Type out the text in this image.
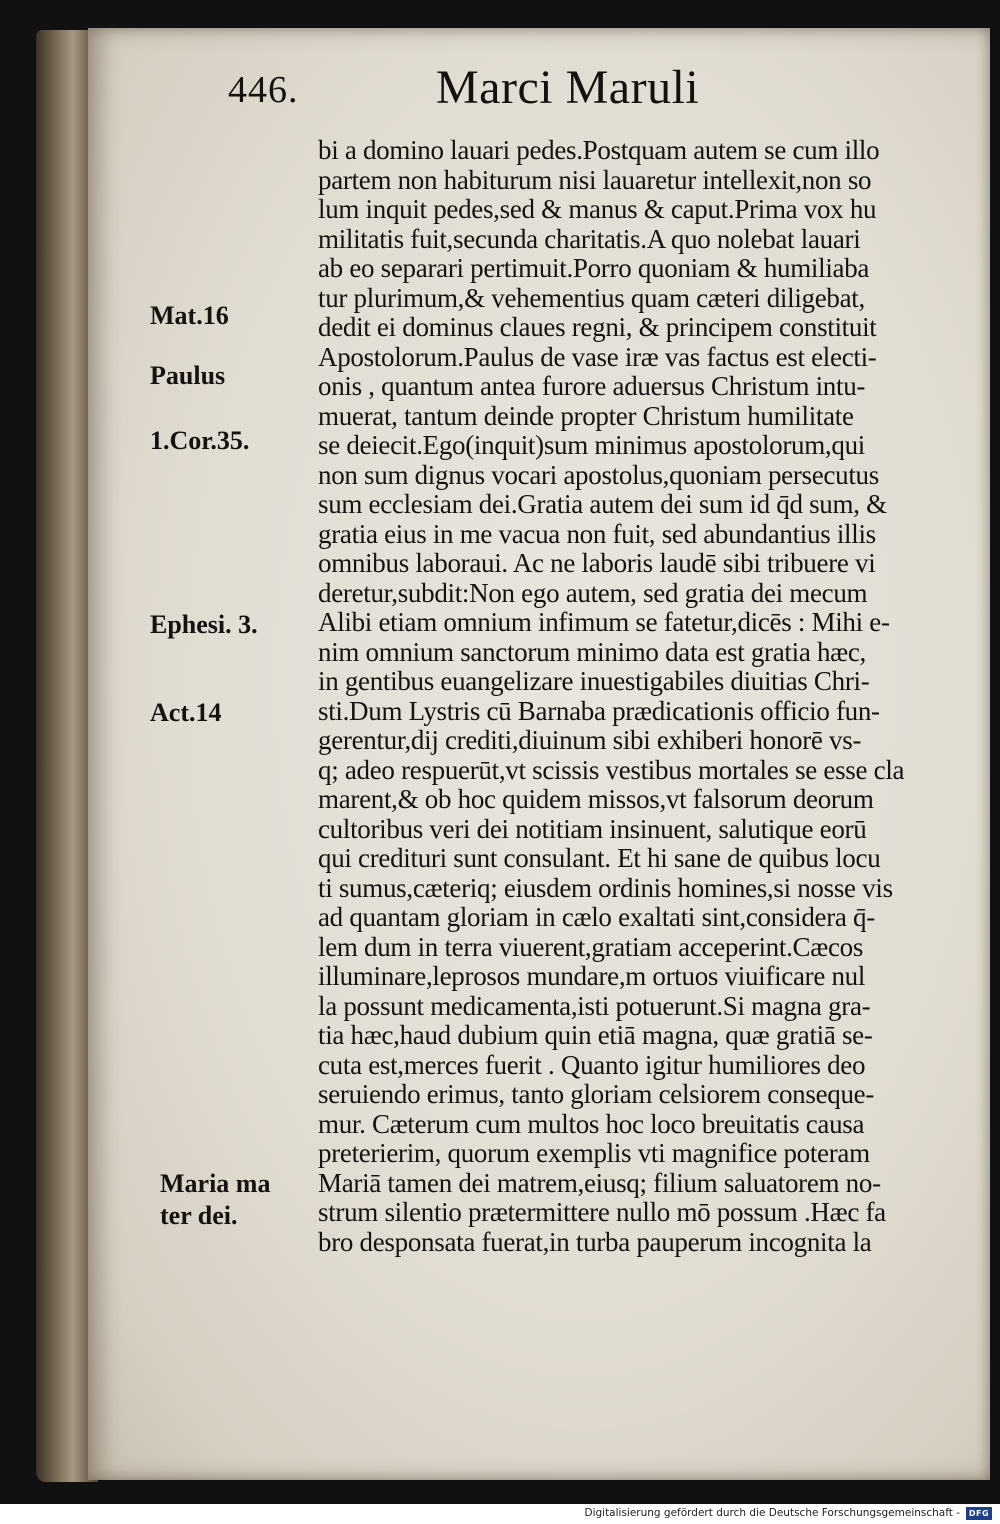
446.	Marci Maruli
Mat.16
Paulus
1.Cor.35.
Ephesi. 3.
Act.14
Maria ma
ter dei.
bi a domino lauari pedes.Postquam autem se cum illo
partem non habiturum nisi lauaretur intellexit,non so
lum inquit pedes,sed & manus & caput.Prima vox hu
militatis fuit,secunda charitatis.A quo nolebat lauari
ab eo separari pertimuit.Porro quoniam & humiliaba
tur plurimum,& vehementius quam cæteri diligebat,
dedit ei dominus claues regni, & principem constituit
Apostolorum.Paulus de vase iræ vas factus est electi-
onis , quantum antea furore aduersus Christum intu-
muerat, tantum deinde propter Christum humilitate
se deiecit.Ego(inquit)sum minimus apostolorum,qui
non sum dignus vocari apostolus,quoniam persecutus
sum ecclesiam dei.Gratia autem dei sum id q̄d sum, &
gratia eius in me vacua non fuit, sed abundantius illis
omnibus laboraui. Ac ne laboris laudē sibi tribuere vi
deretur,subdit:Non ego autem, sed gratia dei mecum
Alibi etiam omnium infimum se fatetur,dicēs : Mihi e-
nim omnium sanctorum minimo data est gratia hæc,
in gentibus euangelizare inuestigabiles diuitias Chri-
sti.Dum Lystris cū Barnaba prædicationis officio fun-
gerentur,dij crediti,diuinum sibi exhiberi honorē vs-
q; adeo respuerūt,vt scissis vestibus mortales se esse cla
marent,& ob hoc quidem missos,vt falsorum deorum
cultoribus veri dei notitiam insinuent, salutique eorū
qui credituri sunt consulant. Et hi sane de quibus locu
ti sumus,cæteriq; eiusdem ordinis homines,si nosse vis
ad quantam gloriam in cælo exaltati sint,considera q̄-
lem dum in terra viuerent,gratiam acceperint.Cæcos
illuminare,leprosos mundare,m ortuos viuificare nul
la possunt medicamenta,isti potuerunt.Si magna gra-
tia hæc,haud dubium quin etiā magna, quæ gratiā se-
cuta est,merces fuerit . Quanto igitur humiliores deo
seruiendo erimus, tanto gloriam celsiorem conseque-
mur. Cæterum cum multos hoc loco breuitatis causa
preterierim, quorum exemplis vti magnifice poteram
Mariā tamen dei matrem,eiusq; filium saluatorem no-
strum silentio prætermittere nullo mō possum .Hæc fa
bro desponsata fuerat,in turba pauperum incognita la
Digitalisierung gefördert durch die Deutsche Forschungsgemeinschaft -	DFG
